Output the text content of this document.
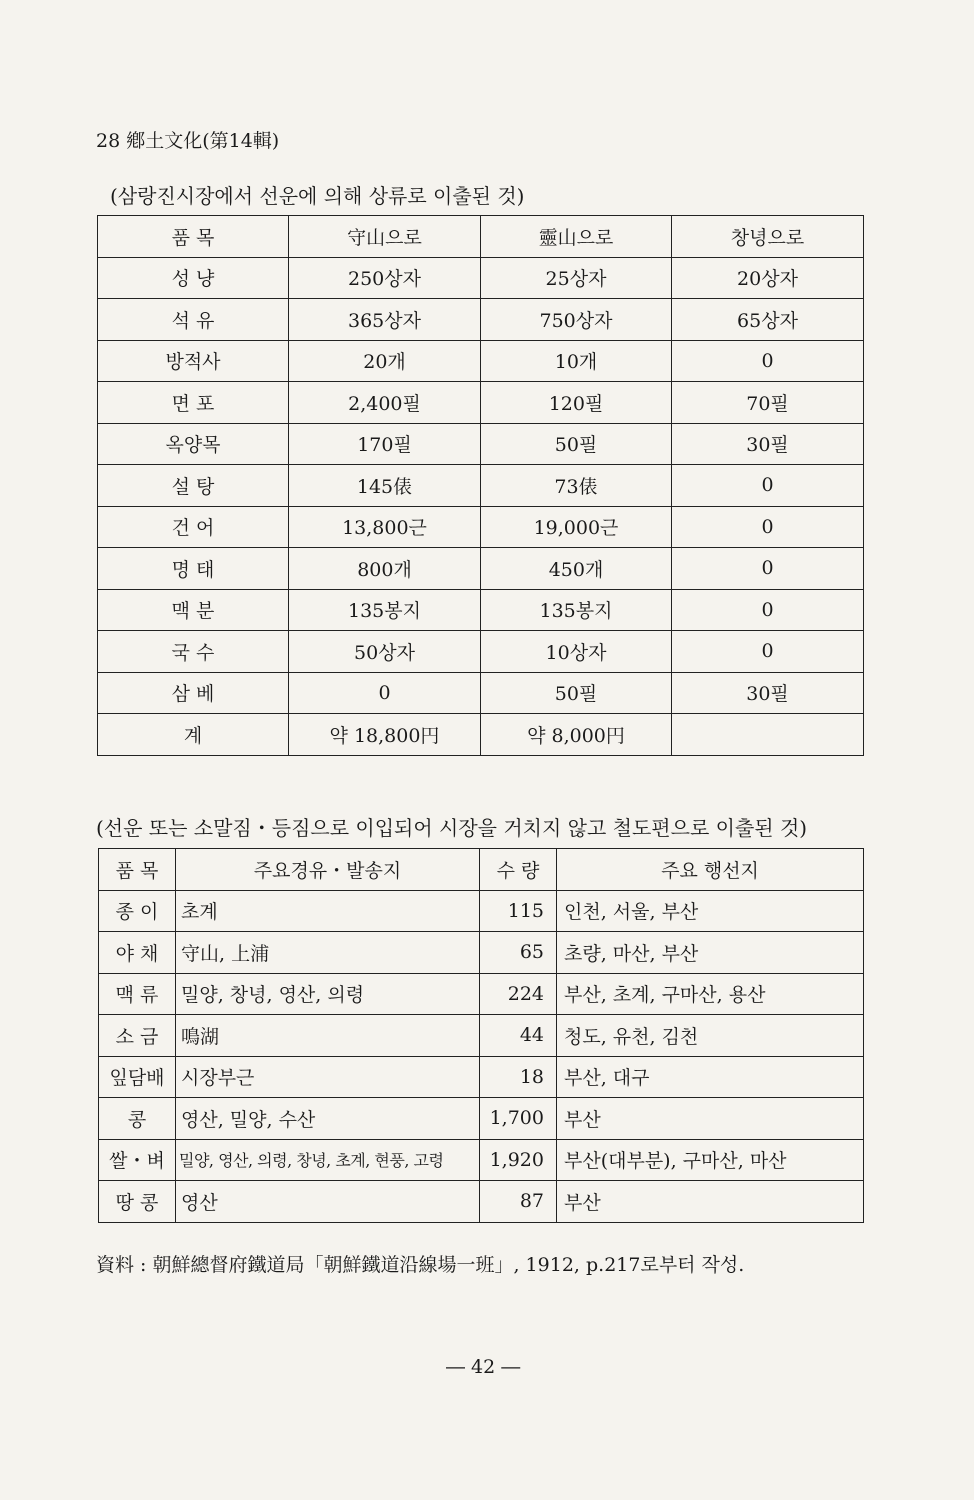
28 鄕土文化(第14輯)
(삼랑진시장에서 선운에 의해 상류로 이출된 것)
품 목	守山으로	靈山으로	창녕으로
성 냥	250상자	25상자	20상자
석 유	365상자	750상자	65상자
방적사	20개	10개	0
면 포	2,400필	120필	70필
옥양목	170필	50필	30필
설 탕	145俵	73俵	0
건 어	13,800근	19,000근	0
명 태	800개	450개	0
맥 분	135봉지	135봉지	0
국 수	50상자	10상자	0
삼 베	0	50필	30필
계	약 18,800円	약 8,000円	
(선운 또는 소말짐・등짐으로 이입되어 시장을 거치지 않고 철도편으로 이출된 것)
품 목	주요경유・발송지	수 량	주요 행선지
종 이	초계	115	인천, 서울, 부산
야 채	守山, 上浦	65	초량, 마산, 부산
맥 류	밀양, 창녕, 영산, 의령	224	부산, 초계, 구마산, 용산
소 금	鳴湖	44	청도, 유천, 김천
잎담배	시장부근	18	부산, 대구
콩	영산, 밀양, 수산	1,700	부산
쌀・벼	밀양, 영산, 의령, 창녕, 초계, 현풍, 고령	1,920	부산(대부분), 구마산, 마산
땅 콩	영산	87	부산
資料 : 朝鮮總督府鐵道局「朝鮮鐵道沿線場一班」, 1912, p.217로부터 작성.
― 42 ―
